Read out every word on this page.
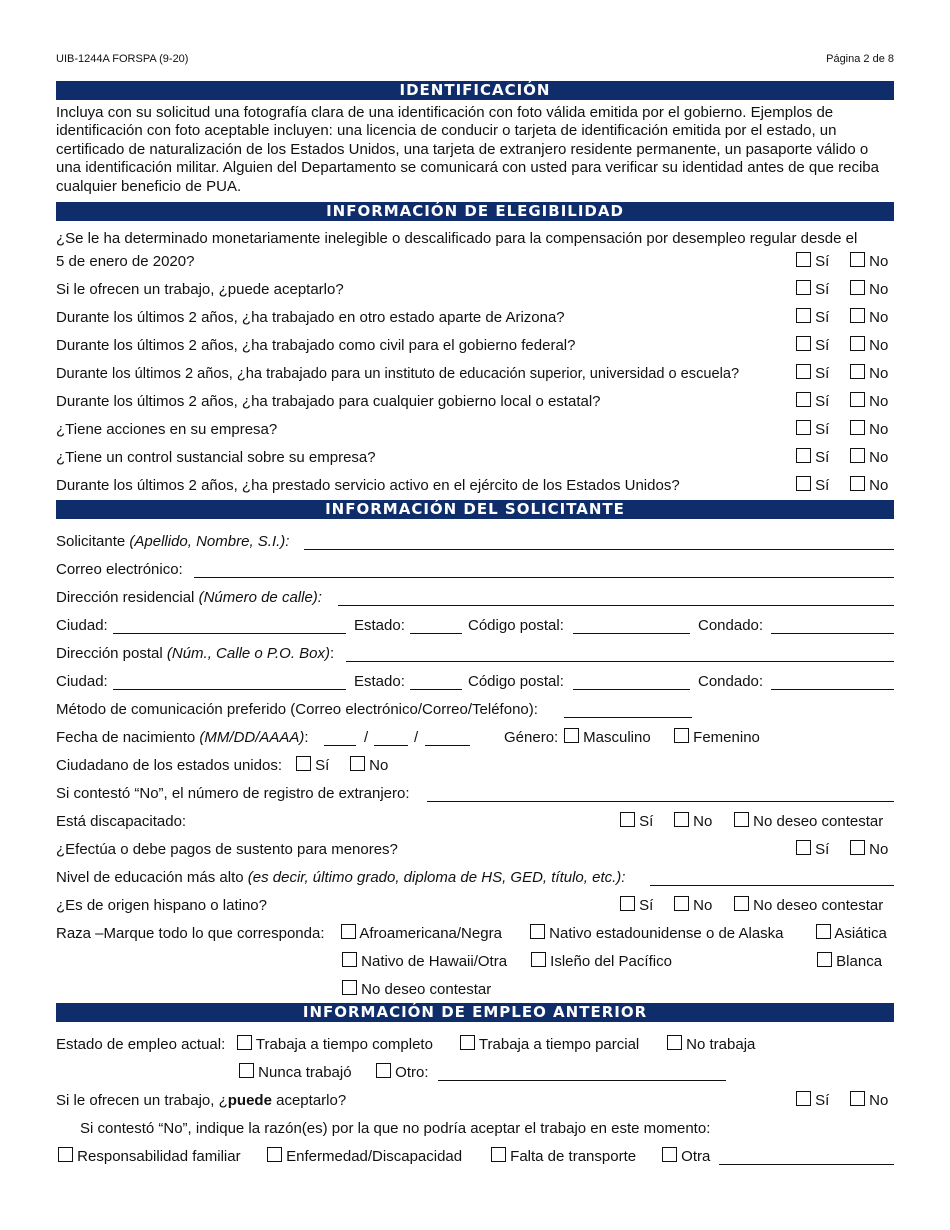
UIB-1244A FORSPA (9-20)	Página 2 de 8
IDENTIFICACIÓN
Incluya con su solicitud una fotografía clara de una identificación con foto válida emitida por el gobierno. Ejemplos de identificación con foto aceptable incluyen: una licencia de conducir o tarjeta de identificación emitida por el estado, un certificado de naturalización de los Estados Unidos, una tarjeta de extranjero residente permanente, un pasaporte válido o una identificación militar. Alguien del Departamento se comunicará con usted para verificar su identidad antes de que reciba cualquier beneficio de PUA.
INFORMACIÓN DE ELEGIBILIDAD
¿Se le ha determinado monetariamente inelegible o descalificado para la compensación por desempleo regular desde el
5 de enero de 2020?	Sí	No
Si le ofrecen un trabajo, ¿puede aceptarlo?	Sí	No
Durante los últimos 2 años, ¿ha trabajado en otro estado aparte de Arizona?	Sí	No
Durante los últimos 2 años, ¿ha trabajado como civil para el gobierno federal?	Sí	No
Durante los últimos 2 años, ¿ha trabajado para un instituto de educación superior, universidad o escuela?	Sí	No
Durante los últimos 2 años, ¿ha trabajado para cualquier gobierno local o estatal?	Sí	No
¿Tiene acciones en su empresa?	Sí	No
¿Tiene un control sustancial sobre su empresa?	Sí	No
Durante los últimos 2 años, ¿ha prestado servicio activo en el ejército de los Estados Unidos?	Sí	No
INFORMACIÓN DEL SOLICITANTE
Solicitante (Apellido, Nombre, S.I.):
Correo electrónico:
Dirección residencial (Número de calle):
Ciudad:	Estado:	Código postal:	Condado:
Dirección postal (Núm., Calle o P.O. Box):
Ciudad:	Estado:	Código postal:	Condado:
Método de comunicación preferido (Correo electrónico/Correo/Teléfono):
Fecha de nacimiento (MM/DD/AAAA):	/	/	Género:	Masculino	Femenino
Ciudadano de los estados unidos:	Sí	No
Si contestó “No”, el número de registro de extranjero:
Está discapacitado:	Sí	No	No deseo contestar
¿Efectúa o debe pagos de sustento para menores?	Sí	No
Nivel de educación más alto (es decir, último grado, diploma de HS, GED, título, etc.):
¿Es de origen hispano o latino?	Sí	No	No deseo contestar
Raza –Marque todo lo que corresponda:	Afroamericana/Negra	Nativo estadounidense o de Alaska	Asiática
Nativo de Hawaii/Otra	Isleño del Pacífico	Blanca
No deseo contestar
INFORMACIÓN DE EMPLEO ANTERIOR
Estado de empleo actual:	Trabaja a tiempo completo	Trabaja a tiempo parcial	No trabaja
Nunca trabajó	Otro:
Si le ofrecen un trabajo, ¿puede aceptarlo?	Sí	No
Si contestó “No”, indique la razón(es) por la que no podría aceptar el trabajo en este momento:
Responsabilidad familiar	Enfermedad/Discapacidad	Falta de transporte	Otra
